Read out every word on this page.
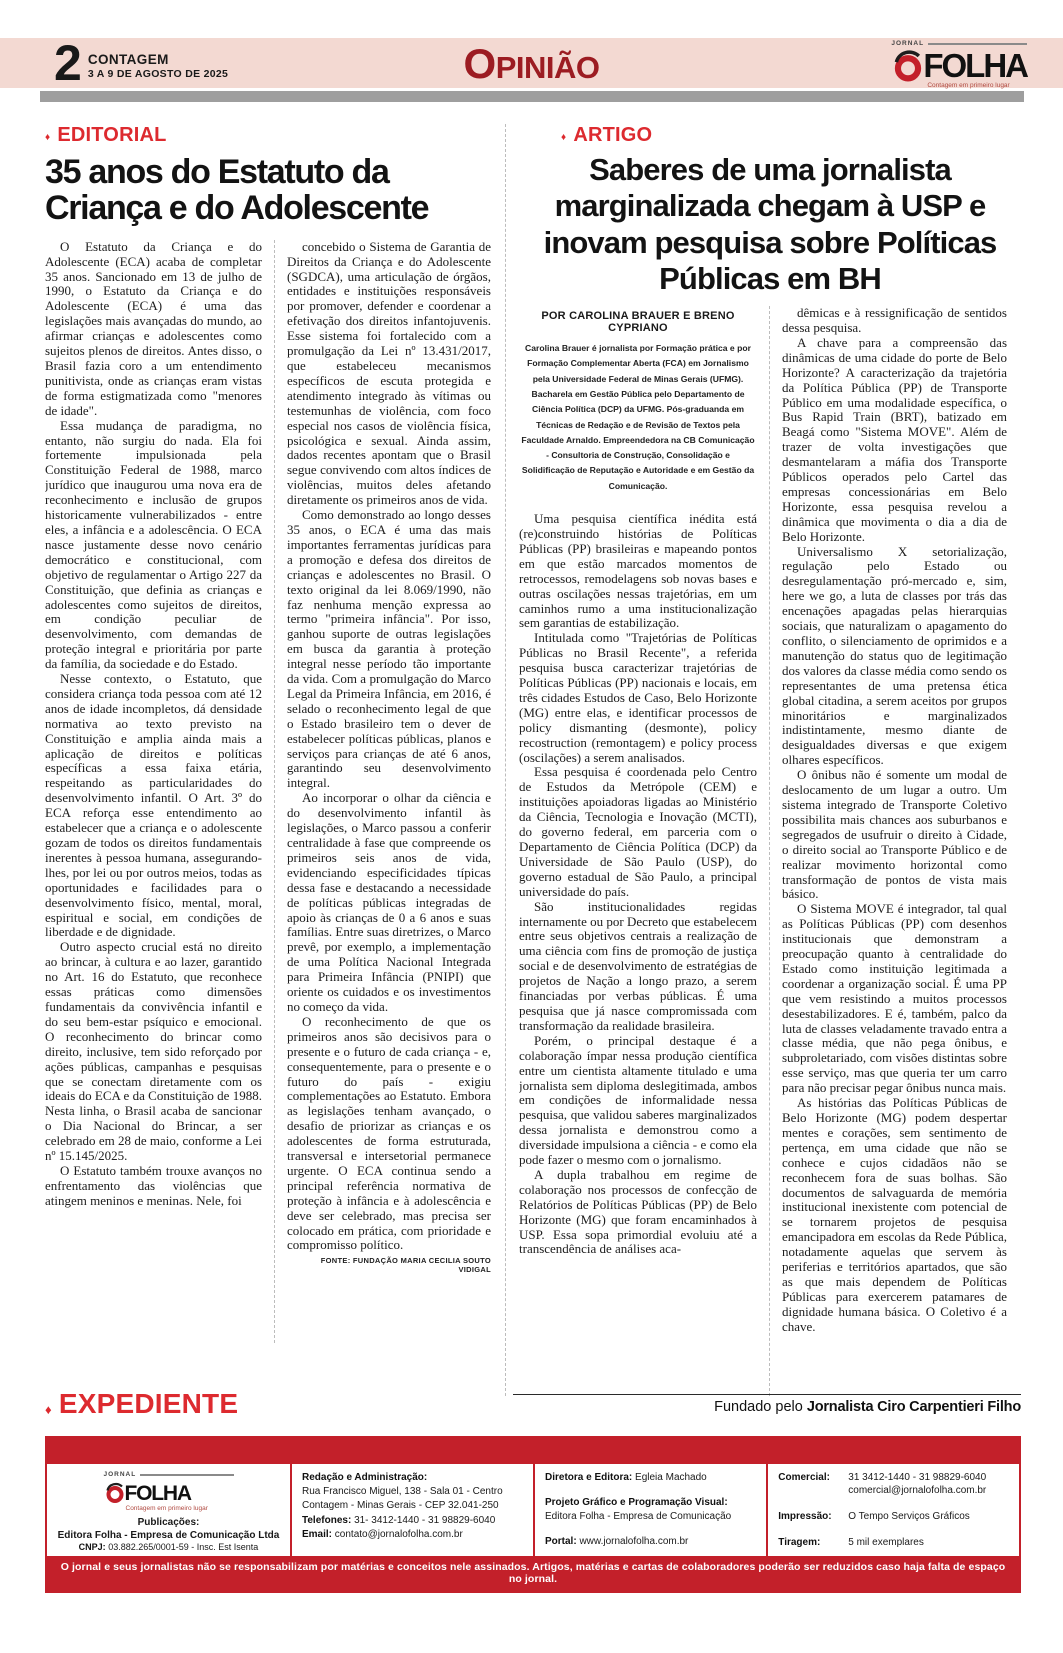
2 CONTAGEM
3 A 9 DE AGOSTO DE 2025	OPINIÃO
JORNAL
FOLHA
Contagem em primeiro lugar
♦ EDITORIAL
35 anos do Estatuto da Criança e do Adolescente

O Estatuto da Criança e do Adolescente (ECA) acaba de completar 35 anos. Sancionado em 13 de julho de 1990, o Estatuto da Criança e do Adolescente (ECA) é uma das legislações mais avançadas do mundo, ao afirmar crianças e adolescentes como sujeitos plenos de direitos. Antes disso, o Brasil fazia coro a um entendimento punitivista, onde as crianças eram vistas de forma estigmatizada como "menores de idade".

Essa mudança de paradigma, no entanto, não surgiu do nada. Ela foi fortemente impulsionada pela Constituição Federal de 1988, marco jurídico que inaugurou uma nova era de reconhecimento e inclusão de grupos historicamente vulnerabilizados - entre eles, a infância e a adolescência. O ECA nasce justamente desse novo cenário democrático e constitucional, com objetivo de regulamentar o Artigo 227 da Constituição, que definia as crianças e adolescentes como sujeitos de direitos, em condição peculiar de desenvolvimento, com demandas de proteção integral e prioritária por parte da família, da sociedade e do Estado.

Nesse contexto, o Estatuto, que considera criança toda pessoa com até 12 anos de idade incompletos, dá densidade normativa ao texto previsto na Constituição e amplia ainda mais a aplicação de direitos e políticas específicas a essa faixa etária, respeitando as particularidades do desenvolvimento infantil. O Art. 3º do ECA reforça esse entendimento ao estabelecer que a criança e o adolescente gozam de todos os direitos fundamentais inerentes à pessoa humana, assegurando-lhes, por lei ou por outros meios, todas as oportunidades e facilidades para o desenvolvimento físico, mental, moral, espiritual e social, em condições de liberdade e de dignidade.

Outro aspecto crucial está no direito ao brincar, à cultura e ao lazer, garantido no Art. 16 do Estatuto, que reconhece essas práticas como dimensões fundamentais da convivência infantil e do seu bem-estar psíquico e emocional. O reconhecimento do brincar como direito, inclusive, tem sido reforçado por ações públicas, campanhas e pesquisas que se conectam diretamente com os ideais do ECA e da Constituição de 1988. Nesta linha, o Brasil acaba de sancionar o Dia Nacional do Brincar, a ser celebrado em 28 de maio, conforme a Lei nº 15.145/2025.

O Estatuto também trouxe avanços no enfrentamento das violências que atingem meninos e meninas. Nele, foi

concebido o Sistema de Garantia de Direitos da Criança e do Adolescente (SGDCA), uma articulação de órgãos, entidades e instituições responsáveis por promover, defender e coordenar a efetivação dos direitos infantojuvenis. Esse sistema foi fortalecido com a promulgação da Lei nº 13.431/2017, que estabeleceu mecanismos específicos de escuta protegida e atendimento integrado às vítimas ou testemunhas de violência, com foco especial nos casos de violência física, psicológica e sexual. Ainda assim, dados recentes apontam que o Brasil segue convivendo com altos índices de violências, muitos deles afetando diretamente os primeiros anos de vida.

Como demonstrado ao longo desses 35 anos, o ECA é uma das mais importantes ferramentas jurídicas para a promoção e defesa dos direitos de crianças e adolescentes no Brasil. O texto original da lei 8.069/1990, não faz nenhuma menção expressa ao termo "primeira infância". Por isso, ganhou suporte de outras legislações em busca da garantia à proteção integral nesse período tão importante da vida. Com a promulgação do Marco Legal da Primeira Infância, em 2016, é selado o reconhecimento legal de que o Estado brasileiro tem o dever de estabelecer políticas públicas, planos e serviços para crianças de até 6 anos, garantindo seu desenvolvimento integral.

Ao incorporar o olhar da ciência e do desenvolvimento infantil às legislações, o Marco passou a conferir centralidade à fase que compreende os primeiros seis anos de vida, evidenciando especificidades típicas dessa fase e destacando a necessidade de políticas públicas integradas de apoio às crianças de 0 a 6 anos e suas famílias. Entre suas diretrizes, o Marco prevê, por exemplo, a implementação de uma Política Nacional Integrada para Primeira Infância (PNIPI) que oriente os cuidados e os investimentos no começo da vida.

O reconhecimento de que os primeiros anos são decisivos para o presente e o futuro de cada criança - e, consequentemente, para o presente e o futuro do país - exigiu complementações ao Estatuto. Embora as legislações tenham avançado, o desafio de priorizar as crianças e os adolescentes de forma estruturada, transversal e intersetorial permanece urgente. O ECA continua sendo a principal referência normativa de proteção à infância e à adolescência e deve ser celebrado, mas precisa ser colocado em prática, com prioridade e compromisso político.

FONTE: FUNDAÇÃO MARIA CECILIA SOUTO VIDIGAL
♦ ARTIGO
Saberes de uma jornalista marginalizada chegam à USP e inovam pesquisa sobre Políticas Públicas em BH
POR CAROLINA BRAUER E BRENO CYPRIANO
Carolina Brauer é jornalista por Formação prática e por Formação Complementar Aberta (FCA) em Jornalismo pela Universidade Federal de Minas Gerais (UFMG). Bacharela em Gestão Pública pelo Departamento de Ciência Política (DCP) da UFMG. Pós-graduanda em Técnicas de Redação e de Revisão de Textos pela Faculdade Arnaldo. Empreendedora na CB Comunicação - Consultoria de Construção, Consolidação e Solidificação de Reputação e Autoridade e em Gestão da Comunicação.

Uma pesquisa científica inédita está (re)construindo histórias de Políticas Públicas (PP) brasileiras e mapeando pontos em que estão marcados momentos de retrocessos, remodelagens sob novas bases e outras oscilações nessas trajetórias, em um caminhos rumo a uma institucionalização sem garantias de estabilização.

Intitulada como "Trajetórias de Políticas Públicas no Brasil Recente", a referida pesquisa busca caracterizar trajetórias de Políticas Públicas (PP) nacionais e locais, em três cidades Estudos de Caso, Belo Horizonte (MG) entre elas, e identificar processos de policy dismanting (desmonte), policy recostruction (remontagem) e policy process (oscilações) a serem analisados.

Essa pesquisa é coordenada pelo Centro de Estudos da Metrópole (CEM) e instituições apoiadoras ligadas ao Ministério da Ciência, Tecnologia e Inovação (MCTI), do governo federal, em parceria com o Departamento de Ciência Política (DCP) da Universidade de São Paulo (USP), do governo estadual de São Paulo, a principal universidade do país.

São institucionalidades regidas internamente ou por Decreto que estabelecem entre seus objetivos centrais a realização de uma ciência com fins de promoção de justiça social e de desenvolvimento de estratégias de projetos de Nação a longo prazo, a serem financiadas por verbas públicas. É uma pesquisa que já nasce compromissada com transformação da realidade brasileira.

Porém, o principal destaque é a colaboração ímpar nessa produção científica entre um cientista altamente titulado e uma jornalista sem diploma deslegitimada, ambos em condições de informalidade nessa pesquisa, que validou saberes marginalizados dessa jornalista e demonstrou como a diversidade impulsiona a ciência - e como ela pode fazer o mesmo com o jornalismo.

A dupla trabalhou em regime de colaboração nos processos de confecção de Relatórios de Políticas Públicas (PP) de Belo Horizonte (MG) que foram encaminhados à USP. Essa sopa primordial evoluiu até a transcendência de análises aca-

dêmicas e à ressignificação de sentidos dessa pesquisa.

A chave para a compreensão das dinâmicas de uma cidade do porte de Belo Horizonte? A caracterização da trajetória da Política Pública (PP) de Transporte Público em uma modalidade específica, o Bus Rapid Train (BRT), batizado em Beagá como "Sistema MOVE". Além de trazer de volta investigações que desmantelaram a máfia dos Transporte Públicos operados pelo Cartel das empresas concessionárias em Belo Horizonte, essa pesquisa revelou a dinâmica que movimenta o dia a dia de Belo Horizonte.

Universalismo X setorialização, regulação pelo Estado ou desregulamentação pró-mercado e, sim, here we go, a luta de classes por trás das encenações apagadas pelas hierarquias sociais, que naturalizam o apagamento do conflito, o silenciamento de oprimidos e a manutenção do status quo de legitimação dos valores da classe média como sendo os representantes de uma pretensa ética global citadina, a serem aceitos por grupos minoritários e marginalizados indistintamente, mesmo diante de desigualdades diversas e que exigem olhares específicos.

O ônibus não é somente um modal de deslocamento de um lugar a outro. Um sistema integrado de Transporte Coletivo possibilita mais chances aos suburbanos e segregados de usufruir o direito à Cidade, o direito social ao Transporte Público e de realizar movimento horizontal como transformação de pontos de vista mais básico.

O Sistema MOVE é integrador, tal qual as Políticas Públicas (PP) com desenhos institucionais que demonstram a preocupação quanto à centralidade do Estado como instituição legitimada a coordenar a organização social. É uma PP que vem resistindo a muitos processos desestabilizadores. E é, também, palco da luta de classes veladamente travado entra a classe média, que não pega ônibus, e subproletariado, com visões distintas sobre esse serviço, mas que queria ter um carro para não precisar pegar ônibus nunca mais.

As histórias das Políticas Públicas de Belo Horizonte (MG) podem despertar mentes e corações, sem sentimento de pertença, em uma cidade que não se conhece e cujos cidadãos não se reconhecem fora de suas bolhas. São documentos de salvaguarda de memória institucional inexistente com potencial de se tornarem projetos de pesquisa emancipadora em escolas da Rede Pública, notadamente aquelas que servem às periferias e territórios apartados, que são as que mais dependem de Políticas Públicas para exercerem patamares de dignidade humana básica. O Coletivo é a chave.

♦ EXPEDIENTE	Fundado pelo Jornalista Ciro Carpentieri Filho
JORNAL
FOLHA
Contagem em primeiro lugar
Publicações:
Editora Folha - Empresa de Comunicação Ltda
CNPJ: 03.882.265/0001-59 - Insc. Est Isenta
Redação e Administração:
Rua Francisco Miguel, 138 - Sala 01 - Centro
Contagem - Minas Gerais - CEP 32.041-250
Telefones: 31- 3412-1440 - 31 98829-6040
Email: contato@jornalofolha.com.br
Diretora e Editora: Egleia Machado
Projeto Gráfico e Programação Visual:
Editora Folha - Empresa de Comunicação
Portal: www.jornalofolha.com.br
Comercial:	31 3412-1440 - 31 98829-6040
comercial@jornalofolha.com.br
Impressão:	O Tempo Serviços Gráficos
Tiragem:	5 mil exemplares
O jornal e seus jornalistas não se responsabilizam por matérias e conceitos nele assinados. Artigos, matérias e cartas de colaboradores poderão ser reduzidos caso haja falta de espaço no jornal.
